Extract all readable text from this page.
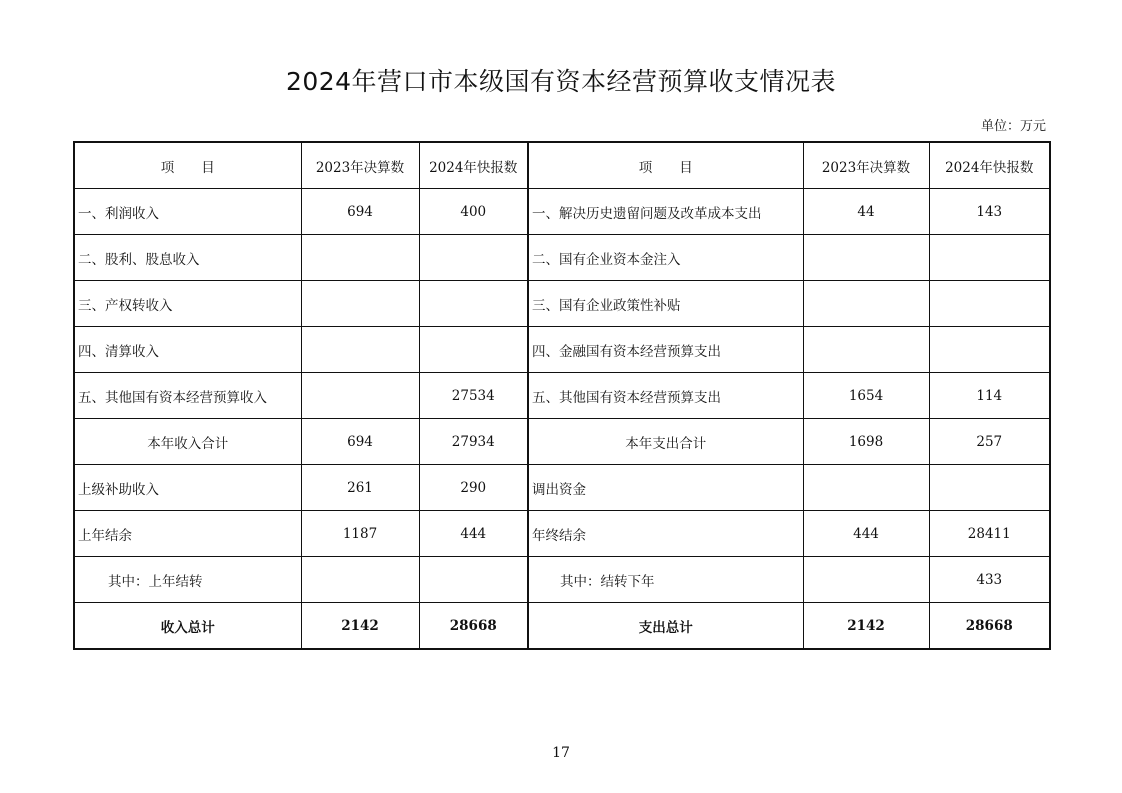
2024年营口市本级国有资本经营预算收支情况表
单位：万元
项　　目	2023年决算数	2024年快报数	项　　目	2023年决算数	2024年快报数
一、利润收入	694	400	一、解决历史遗留问题及改革成本支出	44	143
二、股利、股息收入			二、国有企业资本金注入		
三、产权转收入			三、国有企业政策性补贴		
四、清算收入			四、金融国有资本经营预算支出		
五、其他国有资本经营预算收入		27534	五、其他国有资本经营预算支出	1654	114
本年收入合计	694	27934	本年支出合计	1698	257
上级补助收入	261	290	调出资金		
上年结余	1187	444	年终结余	444	28411
其中：上年结转			其中：结转下年		433
收入总计	2142	28668	支出总计	2142	28668
17
